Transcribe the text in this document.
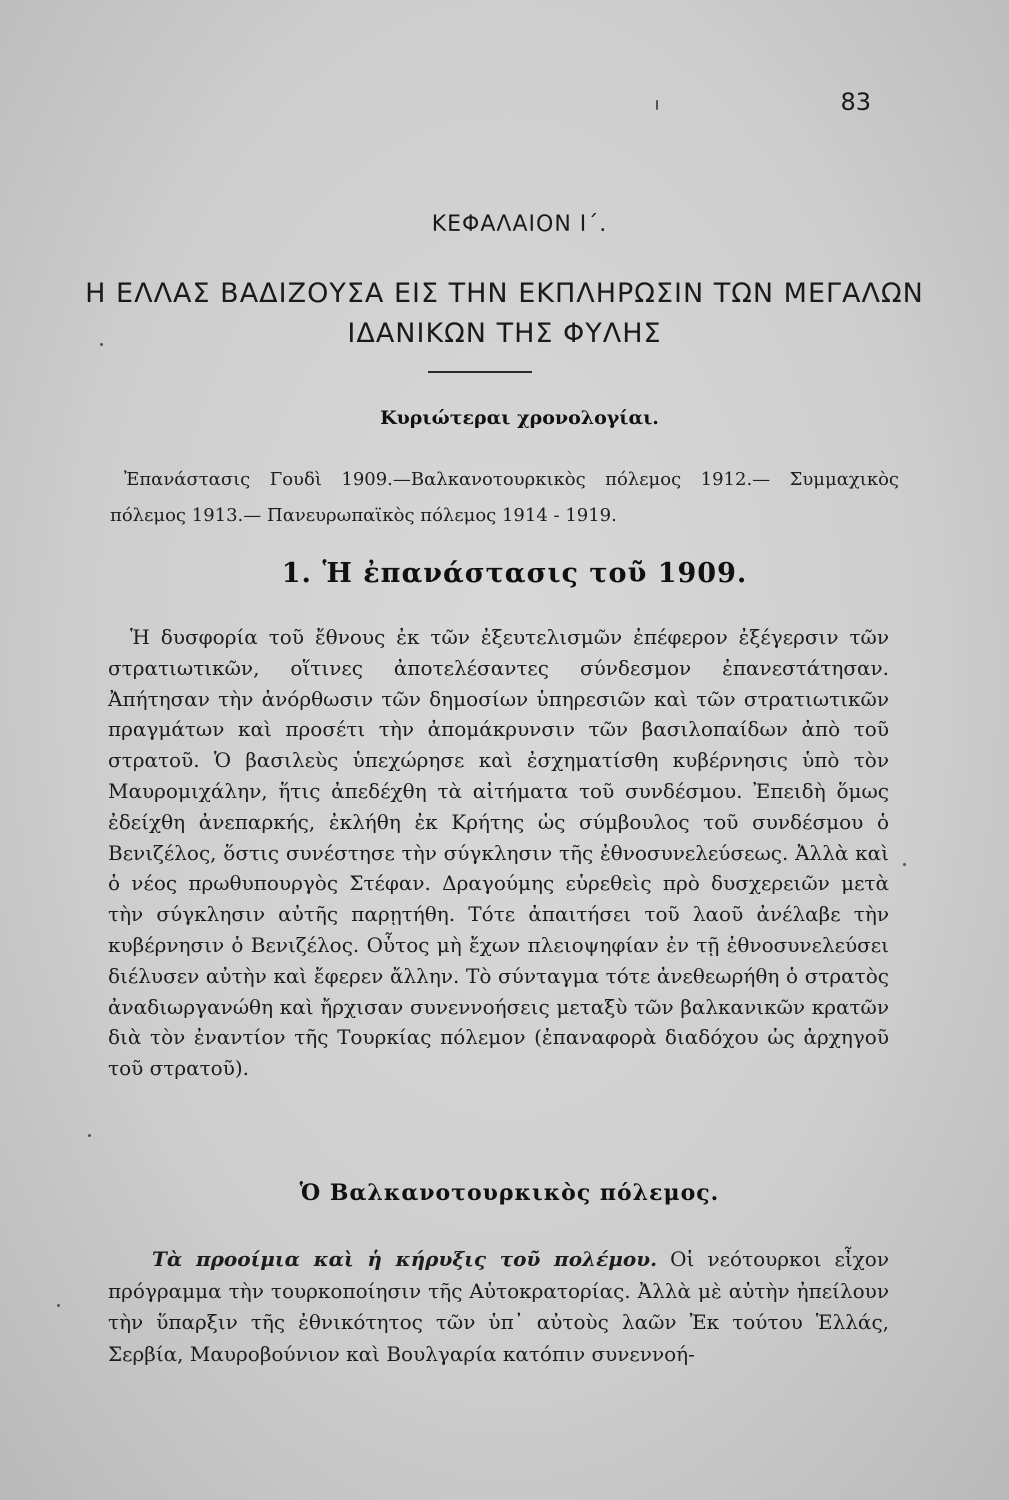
83
ΚΕΦΑΛΑΙΟΝ Ι΄.
Η ΕΛΛΑΣ ΒΑΔΙΖΟΥΣΑ ΕΙΣ ΤΗΝ ΕΚΠΛΗΡΩΣΙΝ ΤΩΝ ΜΕΓΑΛΩΝ ΙΔΑΝΙΚΩΝ ΤΗΣ ΦΥΛΗΣ
Κυριώτεραι χρονολογίαι.
Ἐπανάστασις Γουδὶ 1909.—Βαλκανοτουρκικὸς πόλεμος 1912.— Συμμαχικὸς πόλεμος 1913.— Πανευρωπαϊκὸς πόλεμος 1914 - 1919.
1. Ἡ ἐπανάστασις τοῦ 1909.
Ἡ δυσφορία τοῦ ἔθνους ἐκ τῶν ἐξευτελισμῶν ἐπέφερον ἐξέγερσιν τῶν στρατιωτικῶν, οἵτινες ἀποτελέσαντες σύνδεσμον ἐπανεστάτησαν. Ἀπήτησαν τὴν ἀνόρθωσιν τῶν δημοσίων ὑπηρεσιῶν καὶ τῶν στρατιωτικῶν πραγμάτων καὶ προσέτι τὴν ἀπομάκρυνσιν τῶν βασιλοπαίδων ἀπὸ τοῦ στρατοῦ. Ὁ βασιλεὺς ὑπεχώρησε καὶ ἐσχηματίσθη κυβέρνησις ὑπὸ τὸν Μαυρομιχάλην, ἥτις ἀπεδέχθη τὰ αἰτήματα τοῦ συνδέσμου. Ἐπειδὴ ὅμως ἐδείχθη ἀνεπαρκής, ἐκλήθη ἐκ Κρήτης ὡς σύμβουλος τοῦ συνδέσμου ὁ Βενιζέλος, ὅστις συνέστησε τὴν σύγκλησιν τῆς ἐθνοσυνελεύσεως. Ἀλλὰ καὶ ὁ νέος πρωθυπουργὸς Στέφαν. Δραγούμης εὑρεθεὶς πρὸ δυσχερειῶν μετὰ τὴν σύγκλησιν αὐτῆς παρῃτήθη. Τότε ἀπαιτήσει τοῦ λαοῦ ἀνέλαβε τὴν κυβέρνησιν ὁ Βενιζέλος. Οὗτος μὴ ἔχων πλειοψηφίαν ἐν τῇ ἐθνοσυνελεύσει διέλυσεν αὐτὴν καὶ ἔφερεν ἄλλην. Τὸ σύνταγμα τότε ἀνεθεωρήθη ὁ στρατὸς ἀναδιωργανώθη καὶ ἤρχισαν συνεννοήσεις μεταξὺ τῶν βαλκανικῶν κρατῶν διὰ τὸν ἐναντίον τῆς Τουρκίας πόλεμον (ἐπαναφορὰ διαδόχου ὡς ἀρχηγοῦ τοῦ στρατοῦ).
Ὁ Βαλκανοτουρκικὸς πόλεμος.
Τὰ προοίμια καὶ ἡ κήρυξις τοῦ πολέμου. Οἱ νεότουρκοι εἶχον πρόγραμμα τὴν τουρκοποίησιν τῆς Αὐτοκρατορίας. Ἀλλὰ μὲ αὐτὴν ἠπείλουν τὴν ὕπαρξιν τῆς ἐθνικότητος τῶν ὑπ᾽ αὐτοὺς λαῶν Ἐκ τούτου Ἑλλάς, Σερβία, Μαυροβούνιον καὶ Βουλγαρία κατόπιν συνεννοή-
